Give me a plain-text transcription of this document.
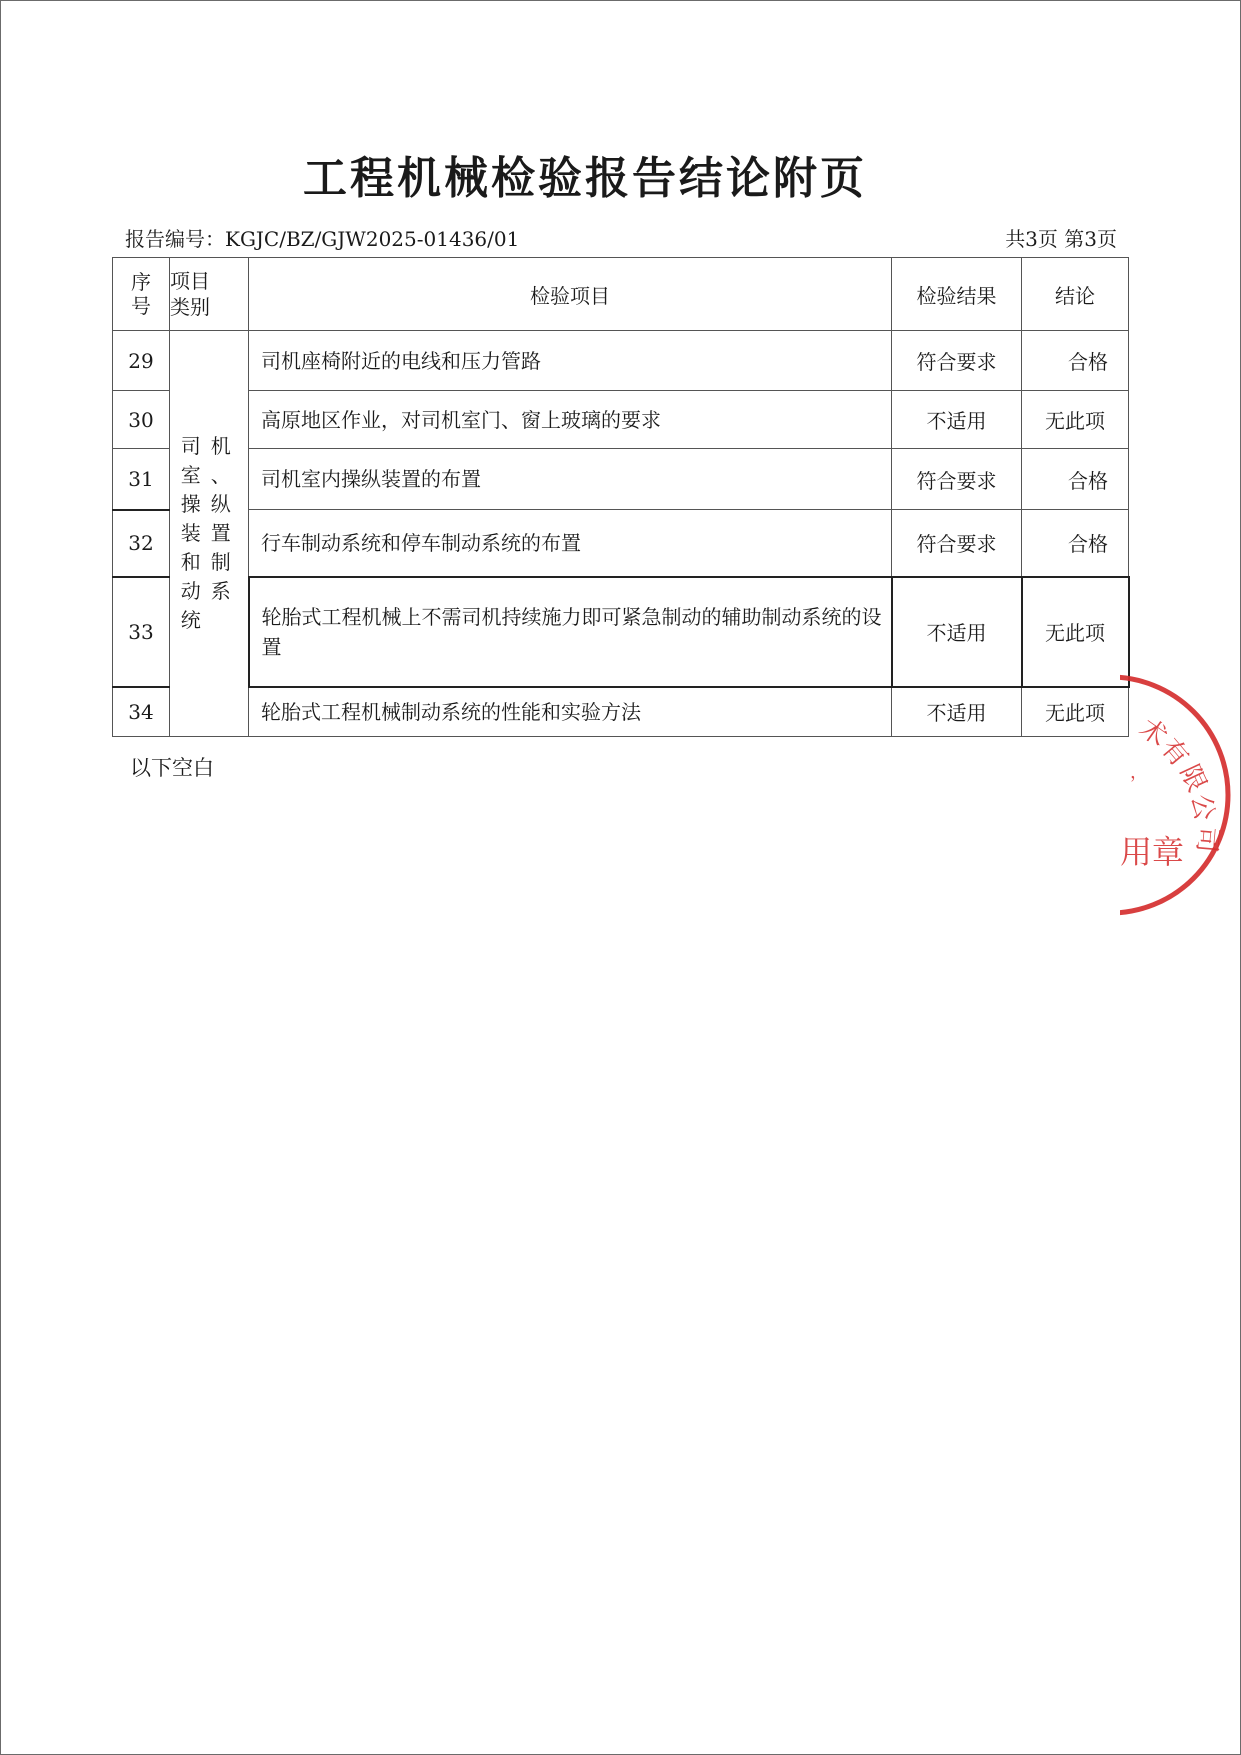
工程机械检验报告结论附页
报告编号：KGJC/BZ/GJW2025-01436/01	共3页 第3页
序号	项目类别	检验项目	检验结果	结论
29	司机室、操纵装置和制动系统	司机座椅附近的电线和压力管路	符合要求	合格
30		高原地区作业，对司机室门、窗上玻璃的要求	不适用	无此项
31		司机室内操纵装置的布置	符合要求	合格
32		行车制动系统和停车制动系统的布置	符合要求	合格
33		轮胎式工程机械上不需司机持续施力即可紧急制动的辅助制动系统的设置	不适用	无此项
34		轮胎式工程机械制动系统的性能和实验方法	不适用	无此项
以下空白
术
有
限
公
司
，
用 章
